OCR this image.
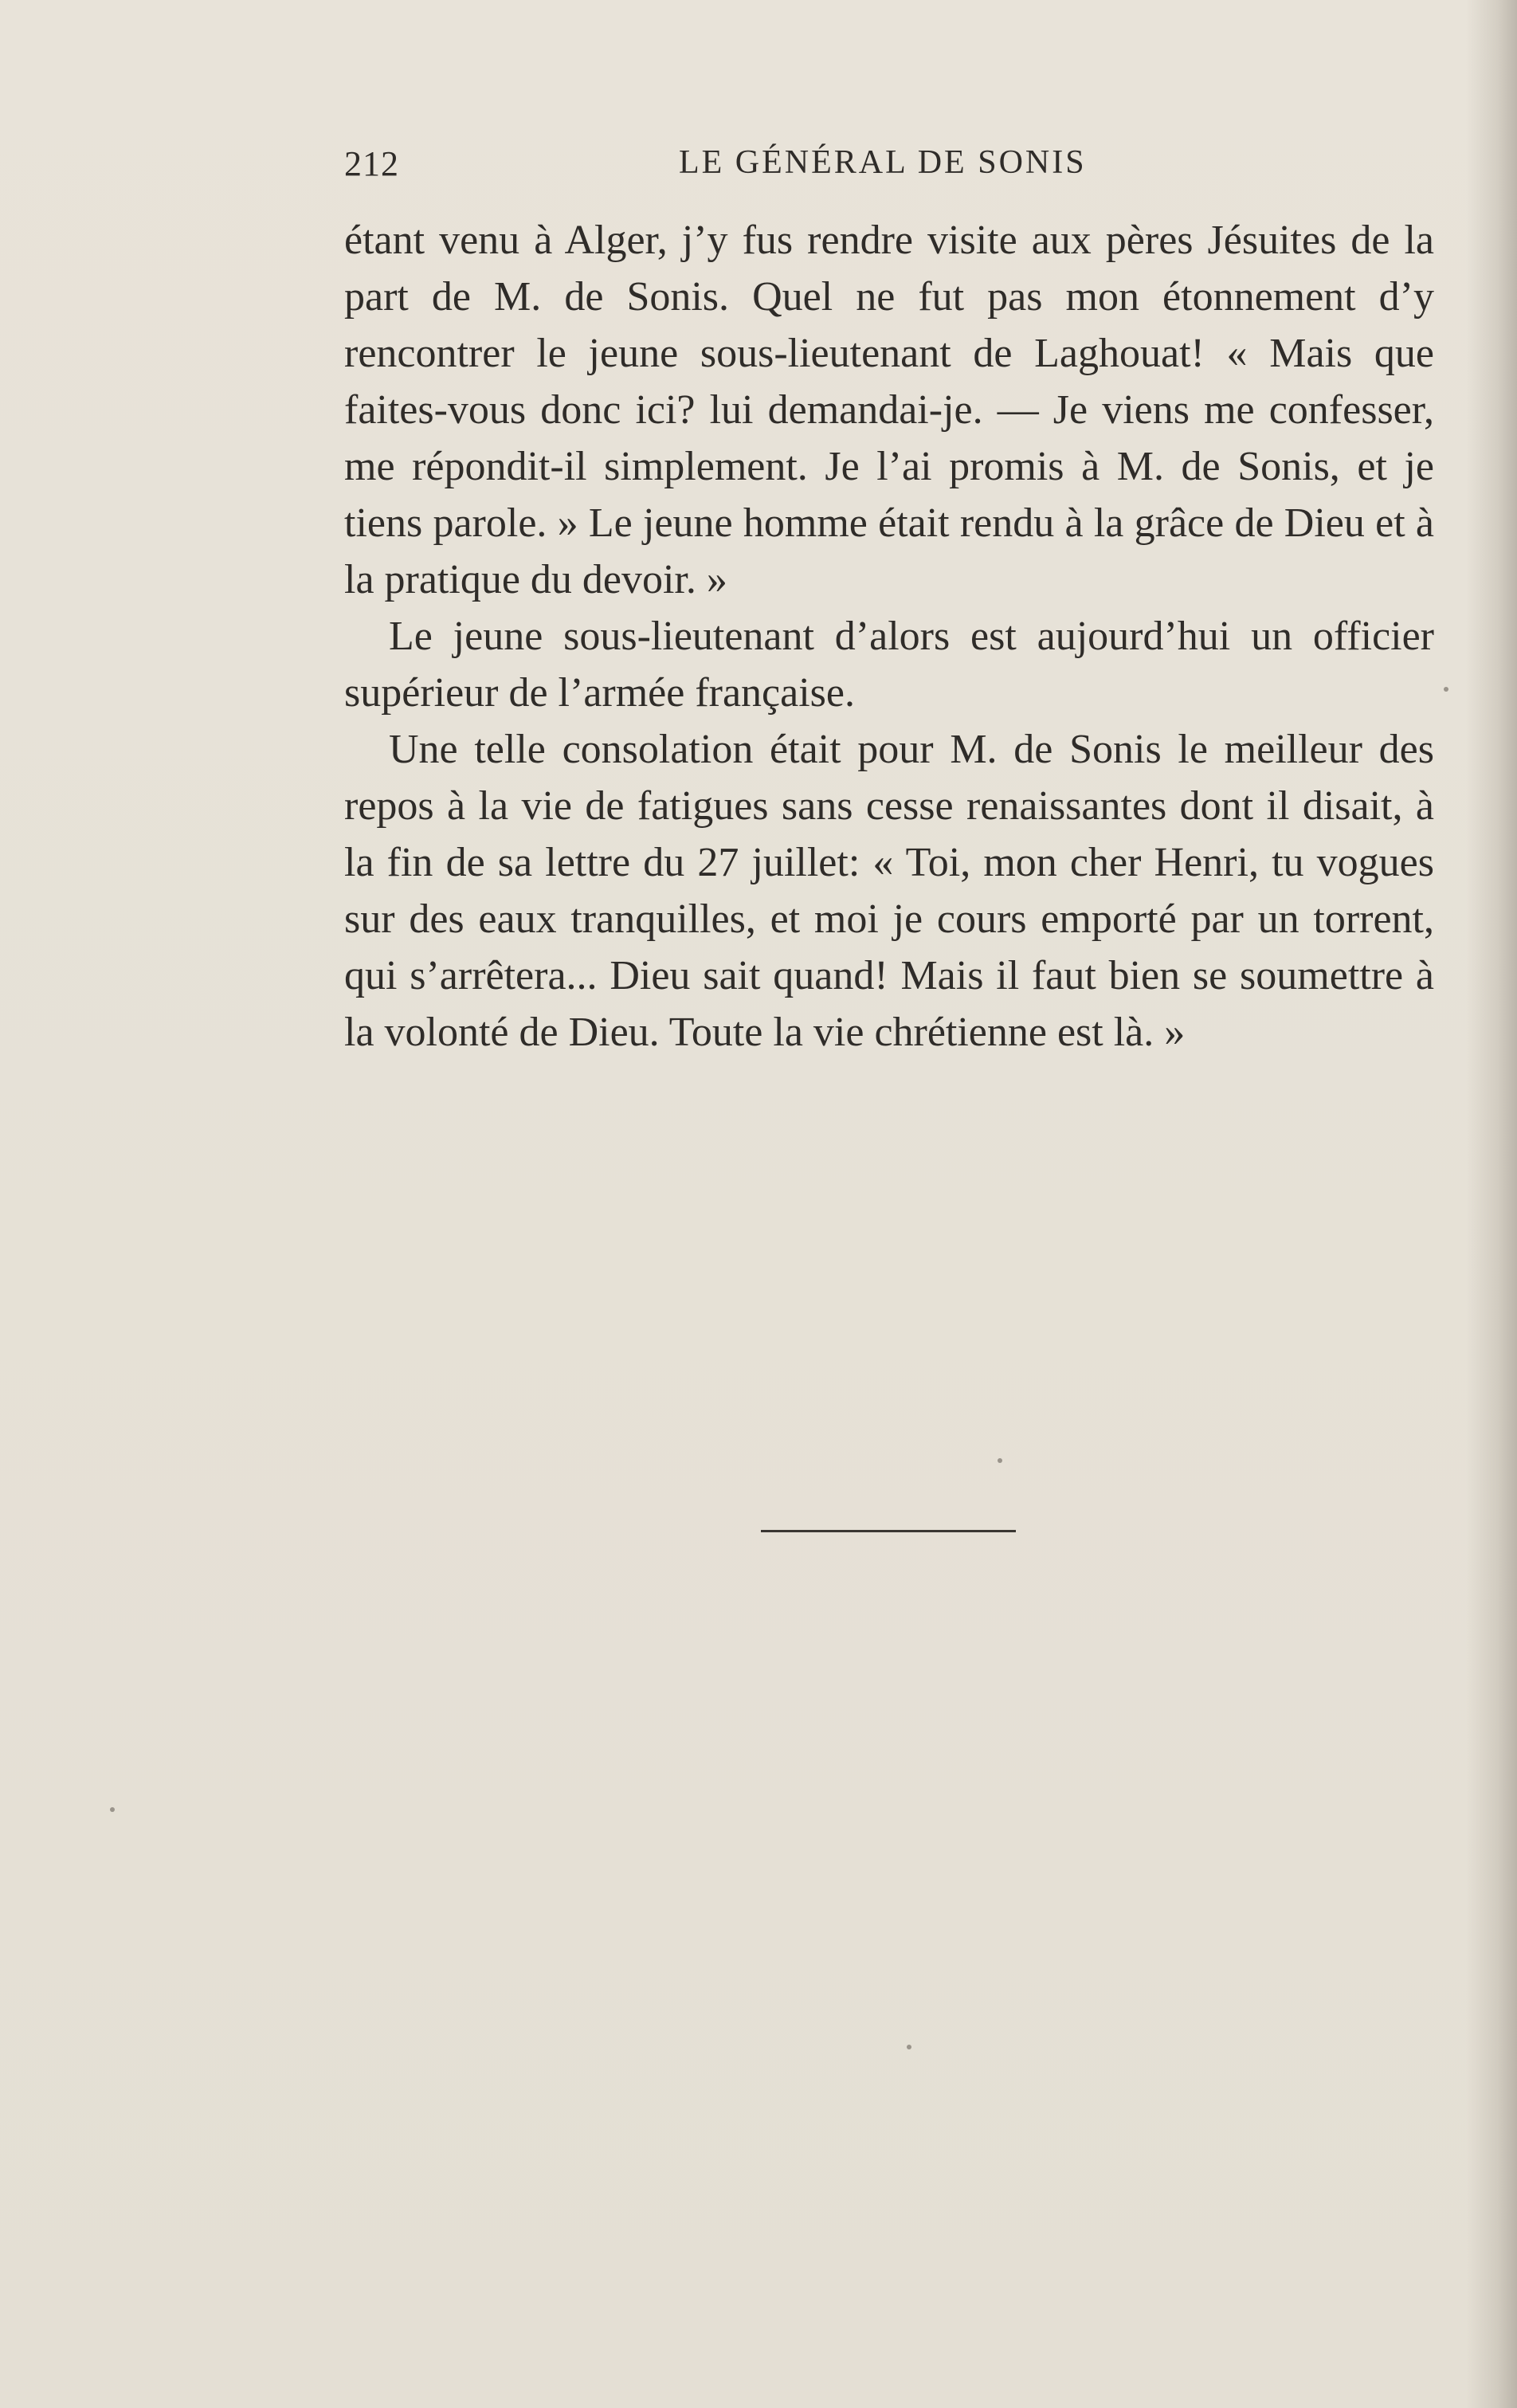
212	LE GÉNÉRAL DE SONIS

étant venu à Alger, j’y fus rendre visite aux pères Jésuites de la part de M. de Sonis. Quel ne fut pas mon étonnement d’y rencontrer le jeune sous-lieutenant de Laghouat! « Mais que faites-vous donc ici? lui demandai-je. — Je viens me confesser, me répondit-il simplement. Je l’ai promis à M. de Sonis, et je tiens parole. » Le jeune homme était rendu à la grâce de Dieu et à la pratique du devoir. »

Le jeune sous-lieutenant d’alors est aujourd’hui un officier supérieur de l’armée française.

Une telle consolation était pour M. de Sonis le meilleur des repos à la vie de fatigues sans cesse renaissantes dont il disait, à la fin de sa lettre du 27 juillet: « Toi, mon cher Henri, tu vogues sur des eaux tranquilles, et moi je cours emporté par un torrent, qui s’arrêtera... Dieu sait quand! Mais il faut bien se soumettre à la volonté de Dieu. Toute la vie chrétienne est là. »
